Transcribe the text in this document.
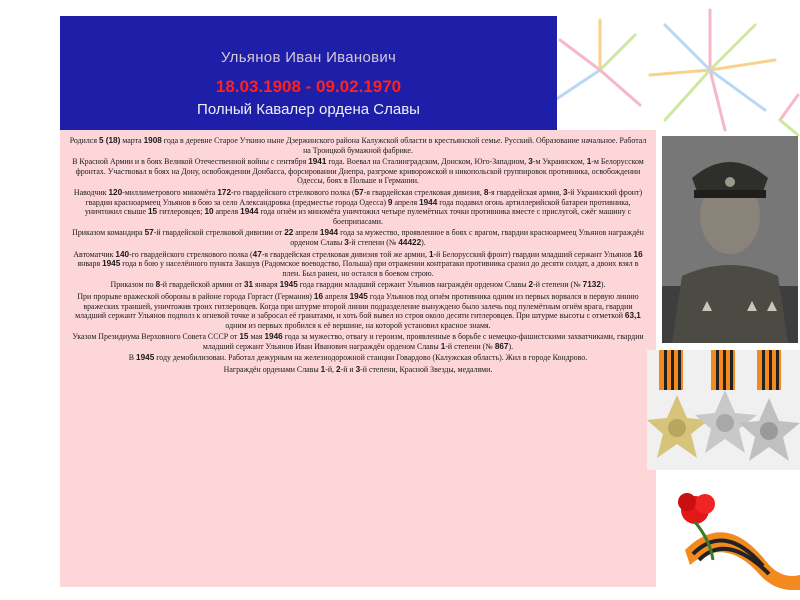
Ульянов Иван Иванович
18.03.1908 - 09.02.1970
Полный Кавалер ордена Славы

Родился 5 (18) марта 1908 года в деревне Старое Уткино ныне Дзержинского района Калужской области в крестьянской семье. Русский. Образование начальное. Работал на Троицкой бумажной фабрике.

В Красной Армии и в боях Великой Отечественной войны с сентября 1941 года. Воевал на Сталинградском, Донском, Юго-Западном, 3-м Украинском, 1-м Белорусском фронтах. Участвовал в боях на Дону, освобождении Донбасса, форсировании Днепра, разгроме криворожской и никопольской группировок противника, освобождении Одессы, боях в Польше и Германии.

Наводчик 120-миллиметрового миномёта 172-го гвардейского стрелкового полка (57-я гвардейская стрелковая дивизия, 8-я гвардейская армия, 3-й Украинский фронт) гвардии красноармеец Ульянов в бою за село Александровка (предместье города Одесса) 9 апреля 1944 года подавил огонь артиллерийской батареи противника, уничтожил свыше 15 гитлеровцев; 10 апреля 1944 года огнём из миномёта уничтожил четыре пулемётных точки противника вместе с прислугой, сжёг машину с боеприпасами.

Приказом командира 57-й гвардейской стрелковой дивизии от 22 апреля 1944 года за мужество, проявленное в боях с врагом, гвардии красноармеец Ульянов награждён орденом Славы 3-й степени (№ 44422).

Автоматчик 140-го гвардейского стрелкового полка (47-я гвардейская стрелковая дивизия той же армии, 1-й Белорусский фронт) гвардии младший сержант Ульянов 16 января 1945 года в бою у населённого пункта Закшув (Радомское воеводство, Польша) при отражении контратаки противника сразил до десяти солдат, а двоих взял в плен. Был ранен, но остался в боевом строю.

Приказом по 8-й гвардейской армии от 31 января 1945 года гвардии младший сержант Ульянов награждён орденом Славы 2-й степени (№ 7132).

При прорыве вражеской обороны в районе города Горгаст (Германия) 16 апреля 1945 года Ульянов под огнём противника одним из первых ворвался в первую линию вражеских траншей, уничтожив троих гитлеровцев. Когда при штурме второй линии подразделение вынуждено было залечь под пулемётным огнём врага, гвардии младший сержант Ульянов подполз к огневой точке и забросал её гранатами, и хоть бой вывел из строя около десяти гитлеровцев. При штурме высоты с отметкой 63,1 одним из первых пробился к её вершине, на которой установил красное знамя.

Указом Президиума Верховного Совета СССР от 15 мая 1946 года за мужество, отвагу и героизм, проявленные в борьбе с немецко-фашистскими захватчиками, гвардии младший сержант Ульянов Иван Иванович награждён орденом Славы 1-й степени (№ 867).

В 1945 году демобилизован. Работал дежурным на железнодорожной станции Говардово (Калужская область). Жил в городе Кондрово.

Награждён орденами Славы 1-й, 2-й и 3-й степени, Красной Звезды, медалями.
